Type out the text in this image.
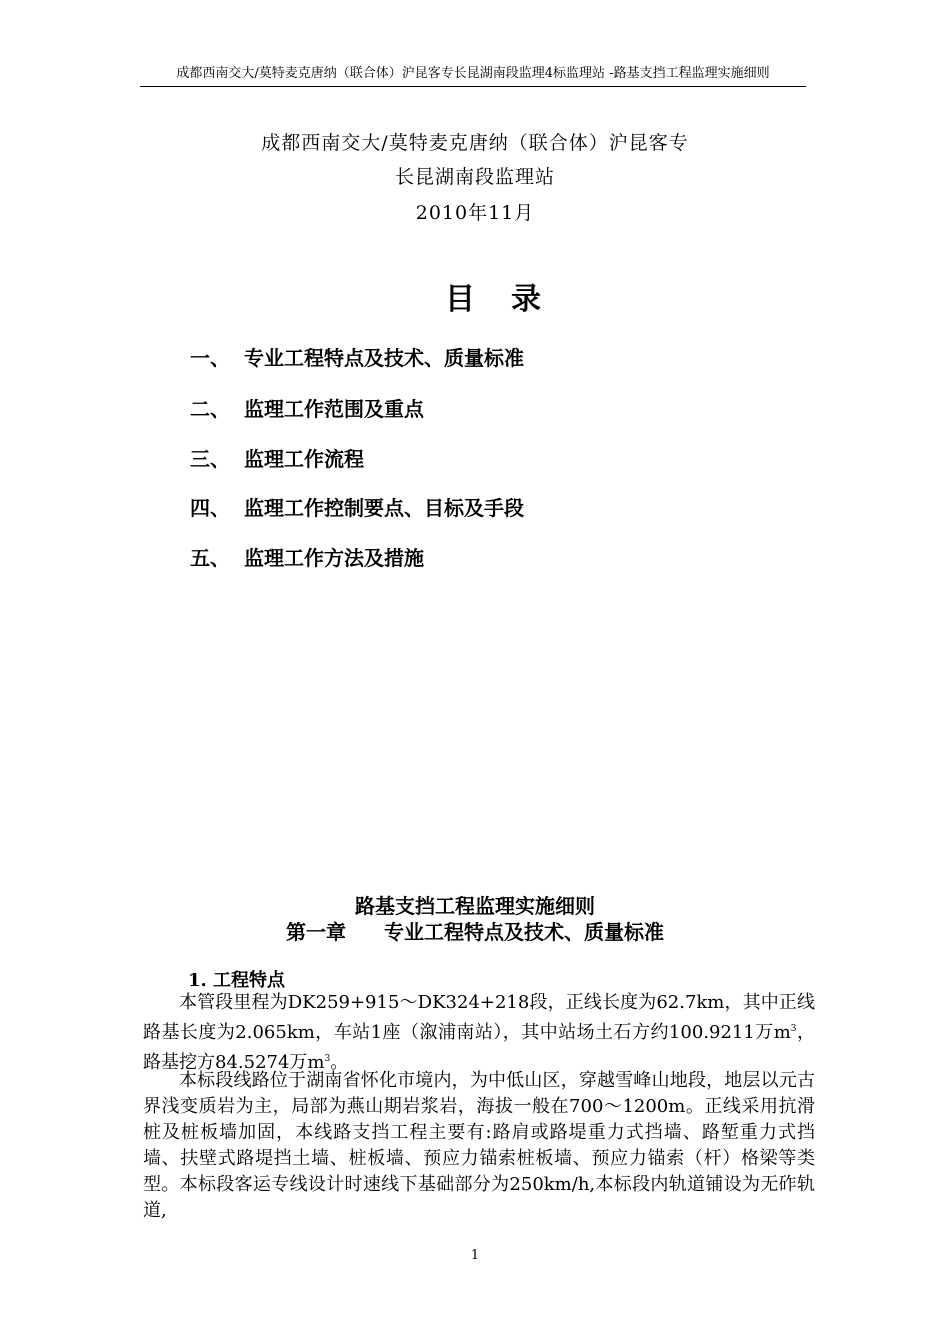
成都西南交大/莫特麦克唐纳（联合体）沪昆客专长昆湖南段监理4标监理站 -路基支挡工程监理实施细则
成都西南交大/莫特麦克唐纳（联合体）沪昆客专
长昆湖南段监理站
2010年11月
目录
一、 专业工程特点及技术、质量标准
二、 监理工作范围及重点
三、 监理工作流程
四、 监理工作控制要点、目标及手段
五、 监理工作方法及措施
路基支挡工程监理实施细则
第一章 专业工程特点及技术、质量标准
1. 工程特点

本管段里程为DK259+915～DK324+218段，正线长度为62.7km，其中正线路基长度为2.065km，车站1座（溆浦南站），其中站场土石方约100.9211万$m^3$，路基挖方84.5274万$m^3$。

本标段线路位于湖南省怀化市境内，为中低山区，穿越雪峰山地段，地层以元古界浅变质岩为主，局部为燕山期岩浆岩，海拔一般在700～1200m。正线采用抗滑桩及桩板墙加固，本线路支挡工程主要有:路肩或路堤重力式挡墙、路堑重力式挡墙、扶壁式路堤挡土墙、桩板墙、预应力锚索桩板墙、预应力锚索（杆）格梁等类型。本标段客运专线设计时速线下基础部分为250km/h,本标段内轨道铺设为无砟轨道,

1
